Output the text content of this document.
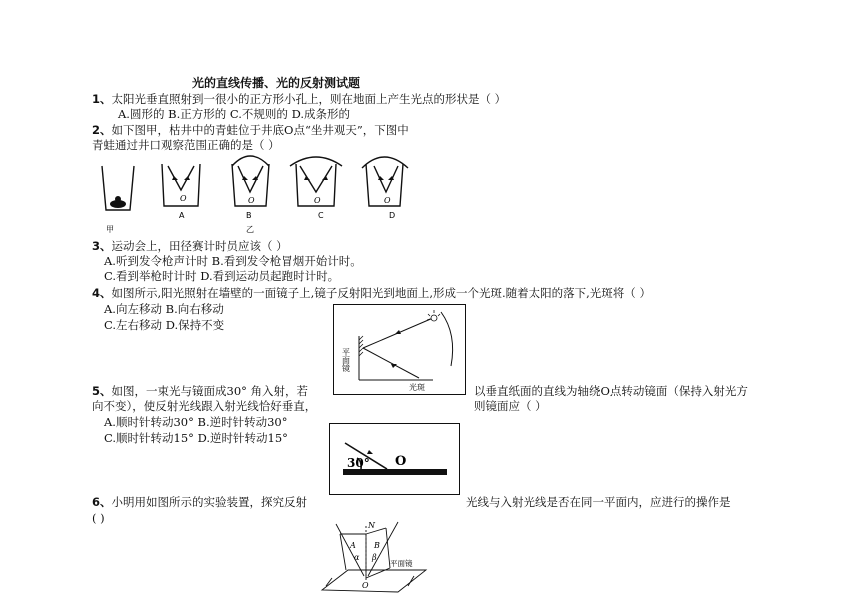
光的直线传播、光的反射测试题
1、太阳光垂直照射到一很小的正方形小孔上，则在地面上产生光点的形状是（ ）
A.圆形的 B.正方形的 C.不规则的 D.成条形的
2、如下图甲，枯井中的青蛙位于井底O点“坐井观天”，下图中
青蛙通过井口观察范围正确的是（ ）
O	O	O	O
甲
A	B
乙
C	D
3、运动会上，田径赛计时员应该（ ）
A.听到发令枪声计时 B.看到发令枪冒烟开始计时。
C.看到举枪时计时 D.看到运动员起跑时计时。
4、如图所示,阳光照射在墙壁的一面镜子上,镜子反射阳光到地面上,形成一个光斑.随着太阳的落下,光斑将（ ）
A.向左移动 B.向右移动
C.左右移动 D.保持不变
平面镜
光斑
5、如图，一束光与镜面成30° 角入射，若	以垂直纸面的直线为轴绕O点转动镜面（保持入射光方
向不变），使反射光线跟入射光线恰好垂直，	则镜面应（ ）
A.顺时针转动30° B.逆时针转动30°
C.顺时针转动15° D.逆时针转动15°
30° O
6、小明用如图所示的实验装置，探究反射	光线与入射光线是否在同一平面内，应进行的操作是
( )
N
A B
α β
O
平面镜
